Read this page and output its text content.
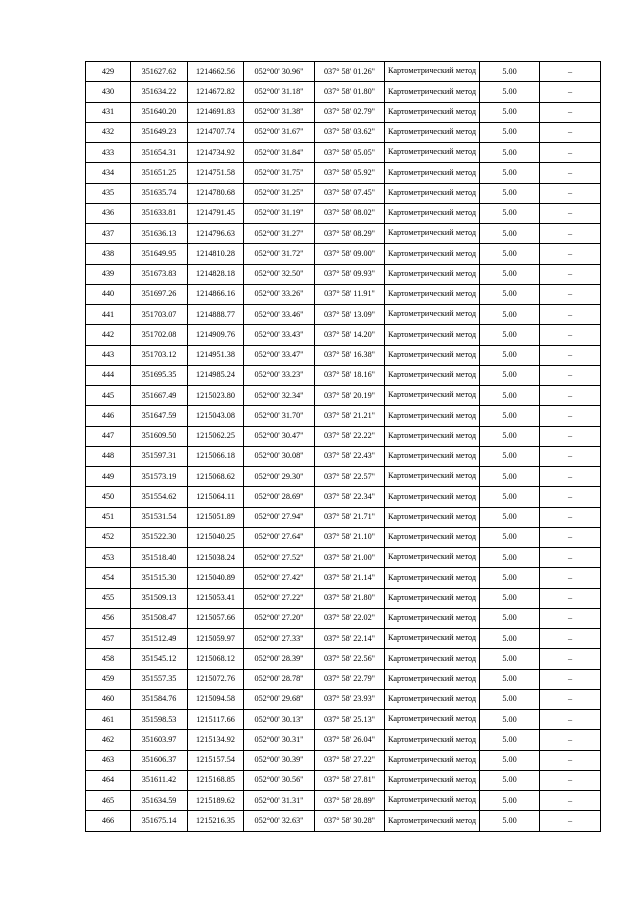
429	351627.62	1214662.56	052°00' 30.96"	037° 58' 01.26"	Картометрический метод	5.00	–
430	351634.22	1214672.82	052°00' 31.18"	037° 58' 01.80"	Картометрический метод	5.00	–
431	351640.20	1214691.83	052°00' 31.38"	037° 58' 02.79"	Картометрический метод	5.00	–
432	351649.23	1214707.74	052°00' 31.67"	037° 58' 03.62"	Картометрический метод	5.00	–
433	351654.31	1214734.92	052°00' 31.84"	037° 58' 05.05"	Картометрический метод	5.00	–
434	351651.25	1214751.58	052°00' 31.75"	037° 58' 05.92"	Картометрический метод	5.00	–
435	351635.74	1214780.68	052°00' 31.25"	037° 58' 07.45"	Картометрический метод	5.00	–
436	351633.81	1214791.45	052°00' 31.19"	037° 58' 08.02"	Картометрический метод	5.00	–
437	351636.13	1214796.63	052°00' 31.27"	037° 58' 08.29"	Картометрический метод	5.00	–
438	351649.95	1214810.28	052°00' 31.72"	037° 58' 09.00"	Картометрический метод	5.00	–
439	351673.83	1214828.18	052°00' 32.50"	037° 58' 09.93"	Картометрический метод	5.00	–
440	351697.26	1214866.16	052°00' 33.26"	037° 58' 11.91"	Картометрический метод	5.00	–
441	351703.07	1214888.77	052°00' 33.46"	037° 58' 13.09"	Картометрический метод	5.00	–
442	351702.08	1214909.76	052°00' 33.43"	037° 58' 14.20"	Картометрический метод	5.00	–
443	351703.12	1214951.38	052°00' 33.47"	037° 58' 16.38"	Картометрический метод	5.00	–
444	351695.35	1214985.24	052°00' 33.23"	037° 58' 18.16"	Картометрический метод	5.00	–
445	351667.49	1215023.80	052°00' 32.34"	037° 58' 20.19"	Картометрический метод	5.00	–
446	351647.59	1215043.08	052°00' 31.70"	037° 58' 21.21"	Картометрический метод	5.00	–
447	351609.50	1215062.25	052°00' 30.47"	037° 58' 22.22"	Картометрический метод	5.00	–
448	351597.31	1215066.18	052°00' 30.08"	037° 58' 22.43"	Картометрический метод	5.00	–
449	351573.19	1215068.62	052°00' 29.30"	037° 58' 22.57"	Картометрический метод	5.00	–
450	351554.62	1215064.11	052°00' 28.69"	037° 58' 22.34"	Картометрический метод	5.00	–
451	351531.54	1215051.89	052°00' 27.94"	037° 58' 21.71"	Картометрический метод	5.00	–
452	351522.30	1215040.25	052°00' 27.64"	037° 58' 21.10"	Картометрический метод	5.00	–
453	351518.40	1215038.24	052°00' 27.52"	037° 58' 21.00"	Картометрический метод	5.00	–
454	351515.30	1215040.89	052°00' 27.42"	037° 58' 21.14"	Картометрический метод	5.00	–
455	351509.13	1215053.41	052°00' 27.22"	037° 58' 21.80"	Картометрический метод	5.00	–
456	351508.47	1215057.66	052°00' 27.20"	037° 58' 22.02"	Картометрический метод	5.00	–
457	351512.49	1215059.97	052°00' 27.33"	037° 58' 22.14"	Картометрический метод	5.00	–
458	351545.12	1215068.12	052°00' 28.39"	037° 58' 22.56"	Картометрический метод	5.00	–
459	351557.35	1215072.76	052°00' 28.78"	037° 58' 22.79"	Картометрический метод	5.00	–
460	351584.76	1215094.58	052°00' 29.68"	037° 58' 23.93"	Картометрический метод	5.00	–
461	351598.53	1215117.66	052°00' 30.13"	037° 58' 25.13"	Картометрический метод	5.00	–
462	351603.97	1215134.92	052°00' 30.31"	037° 58' 26.04"	Картометрический метод	5.00	–
463	351606.37	1215157.54	052°00' 30.39"	037° 58' 27.22"	Картометрический метод	5.00	–
464	351611.42	1215168.85	052°00' 30.56"	037° 58' 27.81"	Картометрический метод	5.00	–
465	351634.59	1215189.62	052°00' 31.31"	037° 58' 28.89"	Картометрический метод	5.00	–
466	351675.14	1215216.35	052°00' 32.63"	037° 58' 30.28"	Картометрический метод	5.00	–
